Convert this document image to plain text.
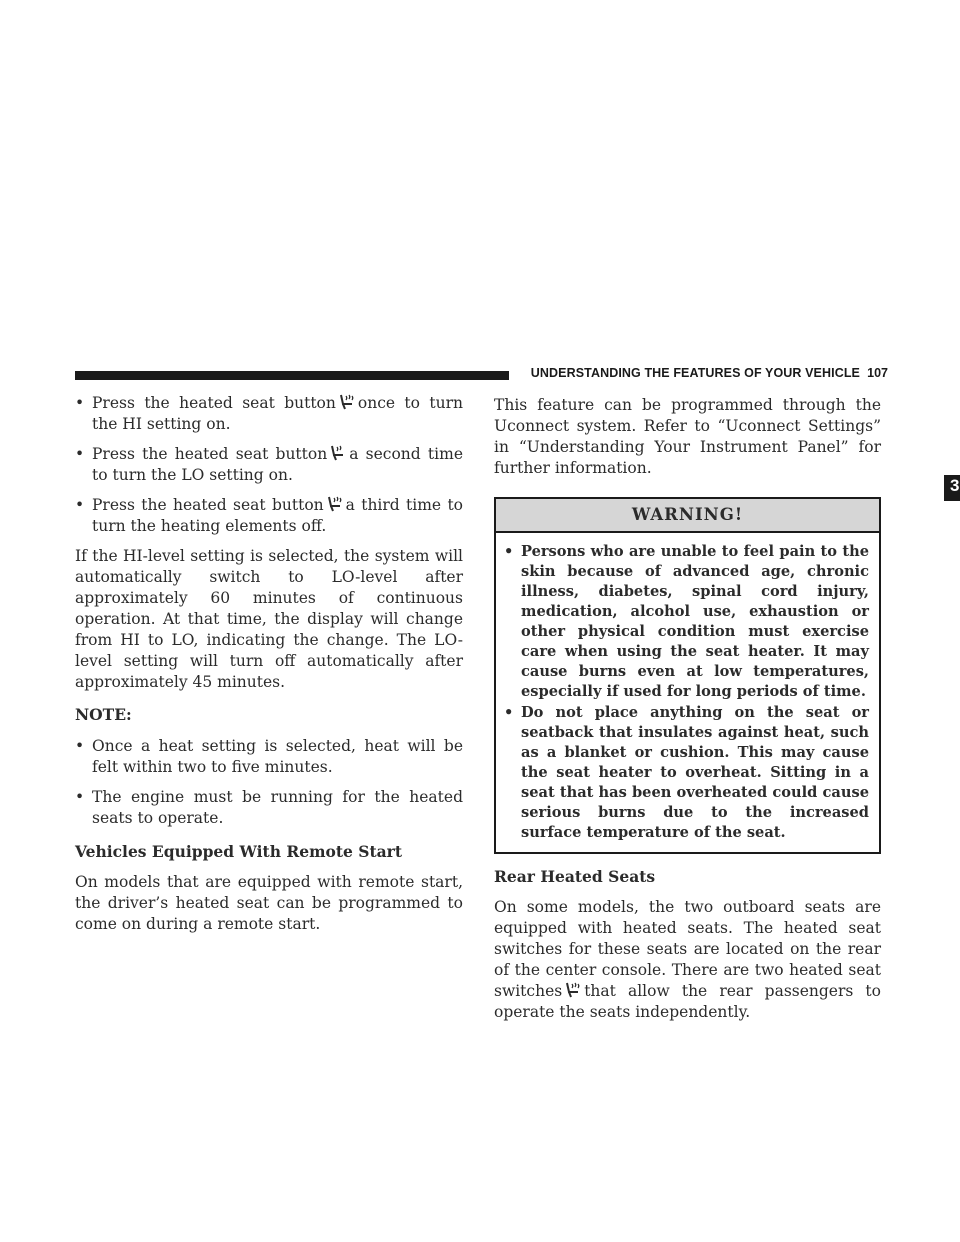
UNDERSTANDING THE FEATURES OF YOUR VEHICLE 107
3
• Press the heated seat button once to turn the HI setting on.
• Press the heated seat button a second time to turn the LO setting on.
• Press the heated seat button a third time to turn the heating elements off.

If the HI-level setting is selected, the system will automatically switch to LO-level after approximately 60 minutes of continuous operation. At that time, the display will change from HI to LO, indicating the change. The LO-level setting will turn off automatically after approximately 45 minutes.

NOTE:

• Once a heat setting is selected, heat will be felt within two to five minutes.
• The engine must be running for the heated seats to operate.

Vehicles Equipped With Remote Start

On models that are equipped with remote start, the driver’s heated seat can be programmed to come on during a remote start.

This feature can be programmed through the Uconnect system. Refer to “Uconnect Settings” in “Understanding Your Instrument Panel” for further information.

WARNING!
• Persons who are unable to feel pain to the skin because of advanced age, chronic illness, diabetes, spinal cord injury, medication, alcohol use, exhaustion or other physical condition must exercise care when using the seat heater. It may cause burns even at low temperatures, especially if used for long periods of time.
• Do not place anything on the seat or seatback that insulates against heat, such as a blanket or cushion. This may cause the seat heater to overheat. Sitting in a seat that has been overheated could cause serious burns due to the increased surface temperature of the seat.

Rear Heated Seats

On some models, the two outboard seats are equipped with heated seats. The heated seat switches for these seats are located on the rear of the center console. There are two heated seat switches that allow the rear passengers to operate the seats independently.
